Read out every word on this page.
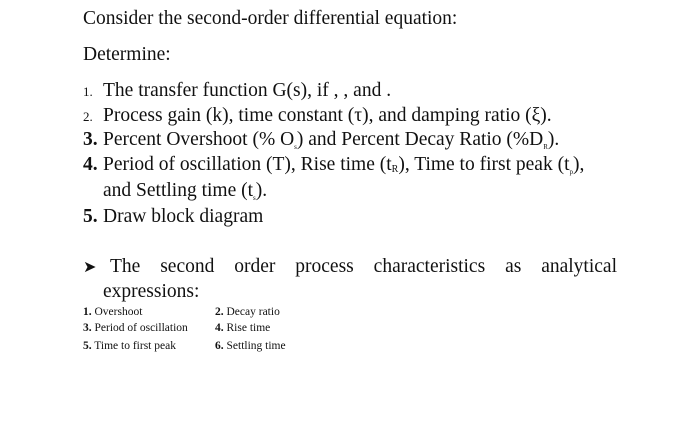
Consider the second-order differential equation:
Determine:
1. The transfer function G(s), if , , and .
2. Process gain (k), time constant (τ), and damping ratio (ξ).
3. Percent Overshoot (% $O_s$) and Percent Decay Ratio $(\%D_R)$.
4. Period of oscillation (T), Rise time $(t_R)$, Time to first peak $(t_p)$,
and Settling time $(t_s)$.
5. Draw block diagram
➤ The second order process characteristics as analytical
expressions:
1. Overshoot	2. Decay ratio
3. Period of oscillation 4. Rise time
5. Time to first peak	6. Settling time
